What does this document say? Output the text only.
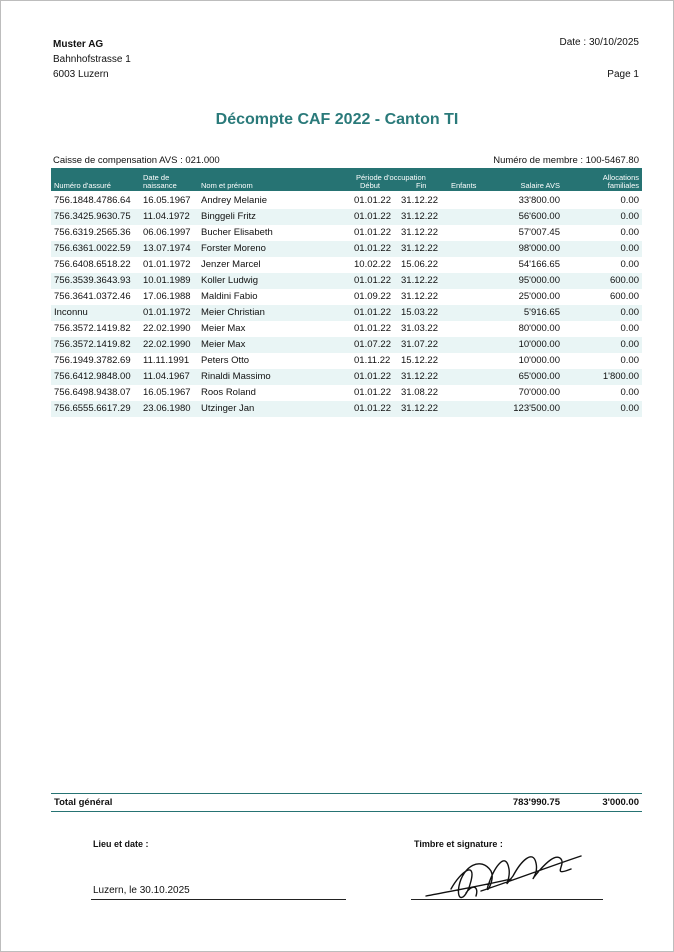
Muster AG
Bahnhofstrasse 1
6003 Luzern
Date : 30/10/2025
Page 1
Décompte CAF 2022 - Canton TI
Caisse de compensation AVS : 021.000	Numéro de membre : 100-5467.80
Numéro d'assuré
Date de
naissance	Nom et prénom
Période d'occupation
Début	Fin	Enfants	Salaire AVS
Allocations
familiales
756.1848.4786.64 16.05.1967 Andrey Melanie	01.01.22 31.12.22	33'800.00	0.00
756.3425.9630.75 11.04.1972 Binggeli Fritz	01.01.22 31.12.22	56'600.00	0.00
756.6319.2565.36 06.06.1997 Bucher Elisabeth	01.01.22 31.12.22	57'007.45	0.00
756.6361.0022.59 13.07.1974 Forster Moreno	01.01.22 31.12.22	98'000.00	0.00
756.6408.6518.22 01.01.1972 Jenzer Marcel	10.02.22 15.06.22	54'166.65	0.00
756.3539.3643.93 10.01.1989 Koller Ludwig	01.01.22 31.12.22	95'000.00	600.00
756.3641.0372.46 17.06.1988 Maldini Fabio	01.09.22 31.12.22	25'000.00	600.00
Inconnu	01.01.1972 Meier Christian	01.01.22 15.03.22	5'916.65	0.00
756.3572.1419.82 22.02.1990 Meier Max	01.01.22 31.03.22	80'000.00	0.00
756.3572.1419.82 22.02.1990 Meier Max	01.07.22 31.07.22	10'000.00	0.00
756.1949.3782.69 11.11.1991 Peters Otto	01.11.22 15.12.22	10'000.00	0.00
756.6412.9848.00 11.04.1967 Rinaldi Massimo	01.01.22 31.12.22	65'000.00	1'800.00
756.6498.9438.07 16.05.1967 Roos Roland	01.01.22 31.08.22	70'000.00	0.00
756.6555.6617.29 23.06.1980 Utzinger Jan	01.01.22 31.12.22	123'500.00	0.00
Total général	783'990.75	3'000.00
Lieu et date :
Luzern, le 30.10.2025
Timbre et signature :
